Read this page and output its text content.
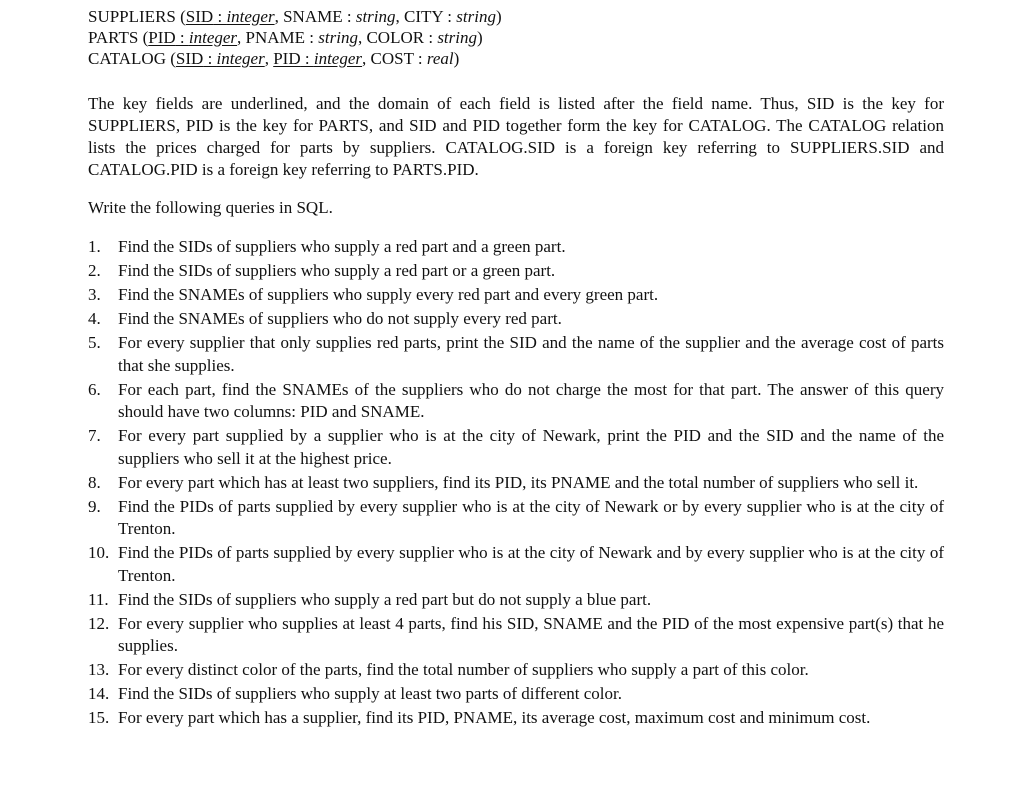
SUPPLIERS (SID : integer, SNAME : string, CITY : string)
PARTS (PID : integer, PNAME : string, COLOR : string)
CATALOG (SID : integer, PID : integer, COST : real)
The key fields are underlined, and the domain of each field is listed after the field name. Thus, SID is the key for SUPPLIERS, PID is the key for PARTS, and SID and PID together form the key for CATALOG. The CATALOG relation lists the prices charged for parts by suppliers. CATALOG.SID is a foreign key referring to SUPPLIERS.SID and CATALOG.PID is a foreign key referring to PARTS.PID.
Write the following queries in SQL.
1.	Find the SIDs of suppliers who supply a red part and a green part.
2.	Find the SIDs of suppliers who supply a red part or a green part.
3.	Find the SNAMEs of suppliers who supply every red part and every green part.
4.	Find the SNAMEs of suppliers who do not supply every red part.
5.	For every supplier that only supplies red parts, print the SID and the name of the supplier and the average cost of parts that she supplies.
6.	For each part, find the SNAMEs of the suppliers who do not charge the most for that part. The answer of this query should have two columns: PID and SNAME.
7.	For every part supplied by a supplier who is at the city of Newark, print the PID and the SID and the name of the suppliers who sell it at the highest price.
8.	For every part which has at least two suppliers, find its PID, its PNAME and the total number of suppliers who sell it.
9.	Find the PIDs of parts supplied by every supplier who is at the city of Newark or by every supplier who is at the city of Trenton.
10. Find the PIDs of parts supplied by every supplier who is at the city of Newark and by every supplier who is at the city of Trenton.
11. Find the SIDs of suppliers who supply a red part but do not supply a blue part.
12. For every supplier who supplies at least 4 parts, find his SID, SNAME and the PID of the most expensive part(s) that he supplies.
13. For every distinct color of the parts, find the total number of suppliers who supply a part of this color.
14. Find the SIDs of suppliers who supply at least two parts of different color.
15. For every part which has a supplier, find its PID, PNAME, its average cost, maximum cost and minimum cost.
